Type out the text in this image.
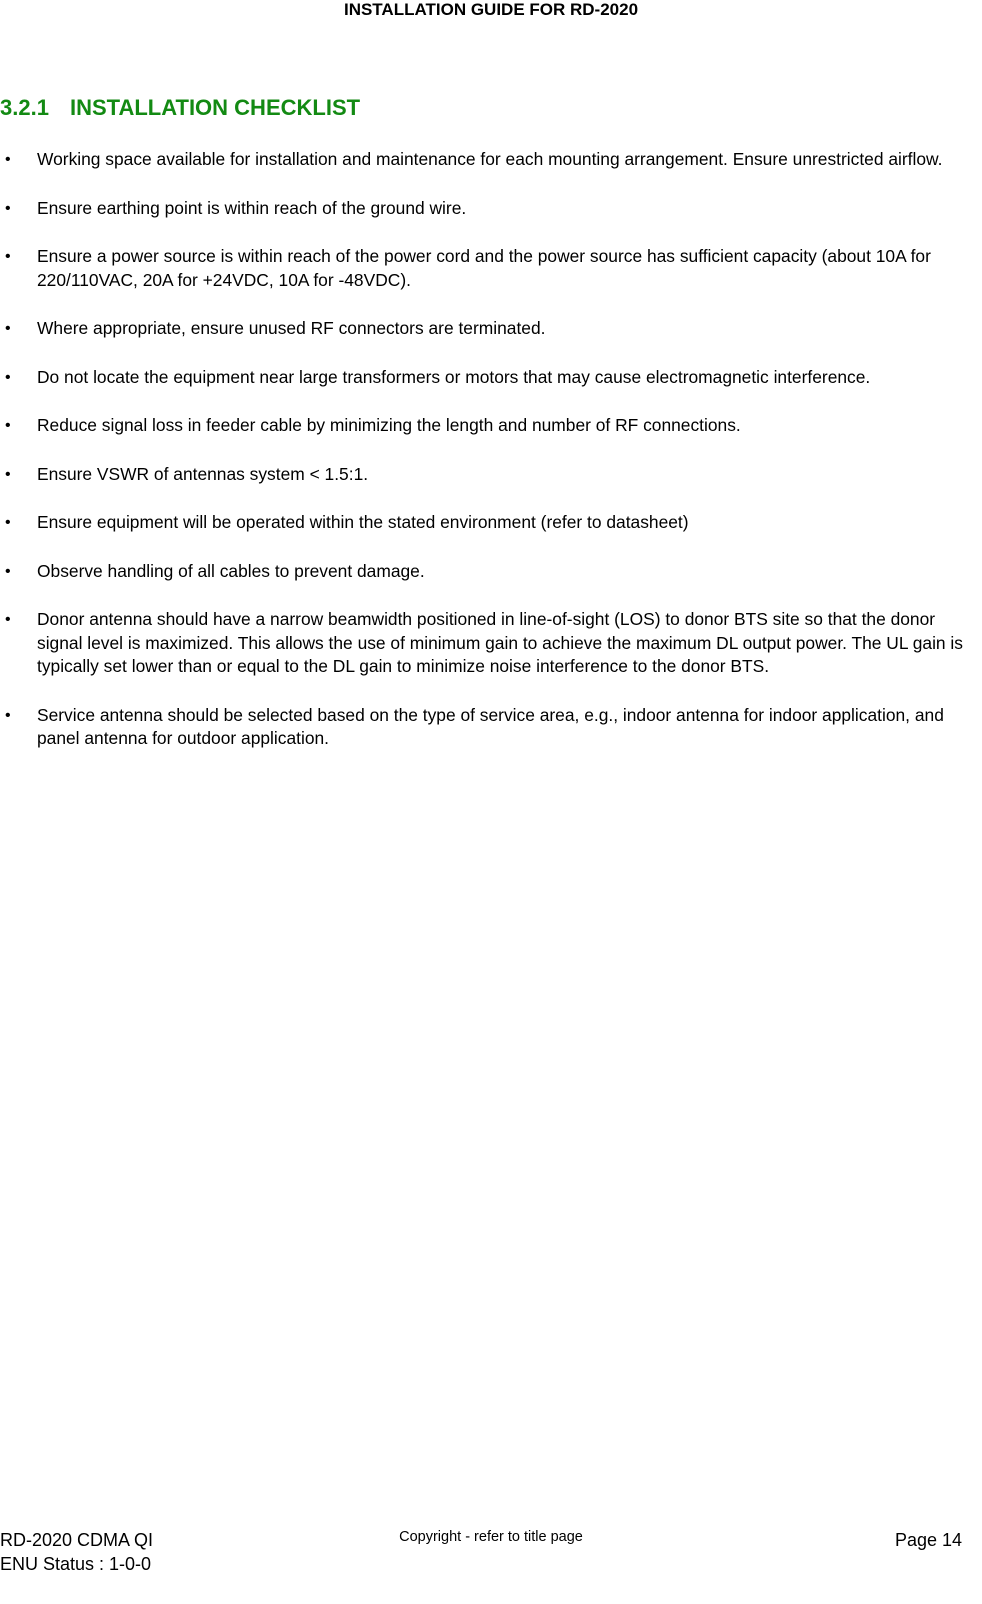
INSTALLATION GUIDE FOR RD-2020
3.2.1 INSTALLATION CHECKLIST
• Working space available for installation and maintenance for each mounting arrangement. Ensure unrestricted airflow.
• Ensure earthing point is within reach of the ground wire.
• Ensure a power source is within reach of the power cord and the power source has sufficient capacity (about 10A for 220/110VAC, 20A for +24VDC, 10A for -48VDC).
• Where appropriate, ensure unused RF connectors are terminated.
• Do not locate the equipment near large transformers or motors that may cause electromagnetic interference.
• Reduce signal loss in feeder cable by minimizing the length and number of RF connections.
• Ensure VSWR of antennas system < 1.5:1.
• Ensure equipment will be operated within the stated environment (refer to datasheet)
• Observe handling of all cables to prevent damage.
• Donor antenna should have a narrow beamwidth positioned in line-of-sight (LOS) to donor BTS site so that the donor signal level is maximized. This allows the use of minimum gain to achieve the maximum DL output power. The UL gain is typically set lower than or equal to the DL gain to minimize noise interference to the donor BTS.
• Service antenna should be selected based on the type of service area, e.g., indoor antenna for indoor application, and panel antenna for outdoor application.
RD-2020 CDMA QI
ENU Status : 1-0-0
Copyright - refer to title page	Page 14
